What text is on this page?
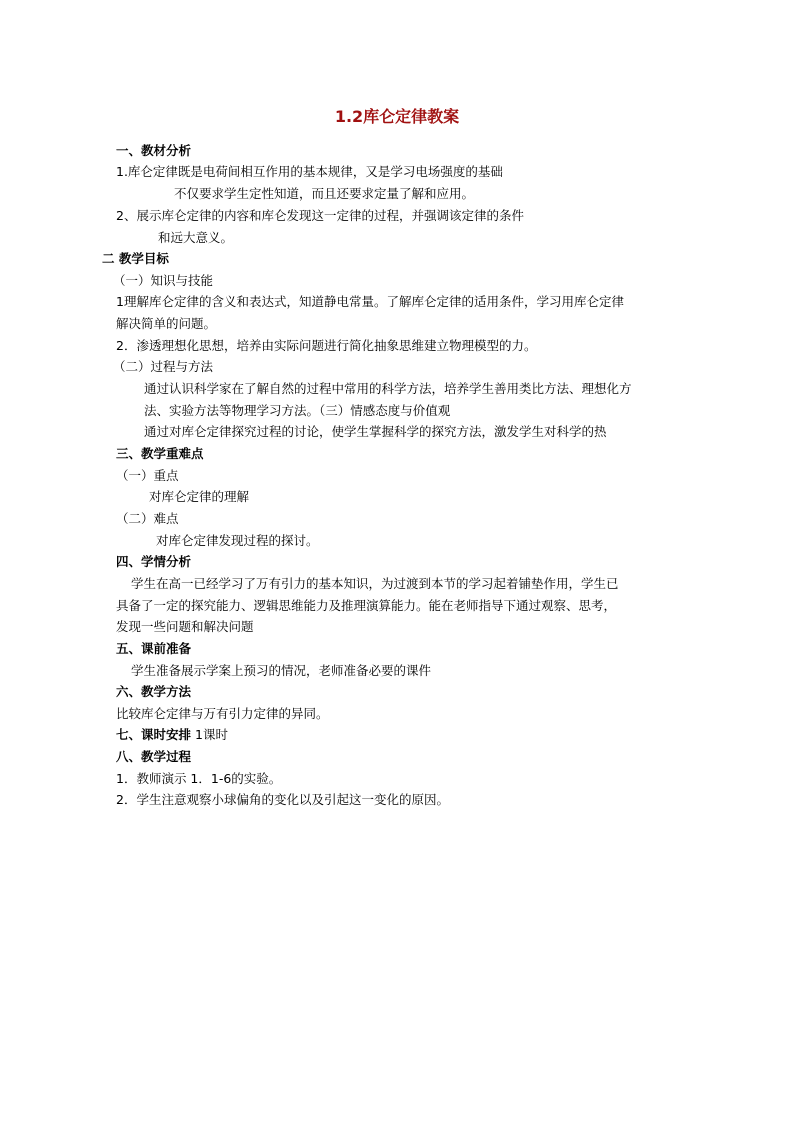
1.2库仑定律教案
一、教材分析
1.库仑定律既是电荷间相互作用的基本规律，又是学习电场强度的基础
不仅要求学生定性知道，而且还要求定量了解和应用。
2、展示库仑定律的内容和库仑发现这一定律的过程，并强调该定律的条件
和远大意义。
二 教学目标
（一）知识与技能
1理解库仑定律的含义和表达式，知道静电常量。了解库仑定律的适用条件，学习用库仑定律
解决简单的问题。
2．渗透理想化思想，培养由实际问题进行简化抽象思维建立物理模型的力。
（二）过程与方法
通过认识科学家在了解自然的过程中常用的科学方法，培养学生善用类比方法、理想化方
法、实验方法等物理学习方法。（三）情感态度与价值观
通过对库仑定律探究过程的讨论，使学生掌握科学的探究方法，激发学生对科学的热
三、教学重难点
（一）重点
对库仑定律的理解
（二）难点
对库仑定律发现过程的探讨。
四、学情分析
学生在高一已经学习了万有引力的基本知识，为过渡到本节的学习起着铺垫作用，学生已
具备了一定的探究能力、逻辑思维能力及推理演算能力。能在老师指导下通过观察、思考，
发现一些问题和解决问题
五、课前准备
学生准备展示学案上预习的情况，老师准备必要的课件
六、教学方法
比较库仑定律与万有引力定律的异同。
七、课时安排 1课时
八、教学过程
1．教师演示 1．1-6的实验。
2．学生注意观察小球偏角的变化以及引起这一变化的原因。
